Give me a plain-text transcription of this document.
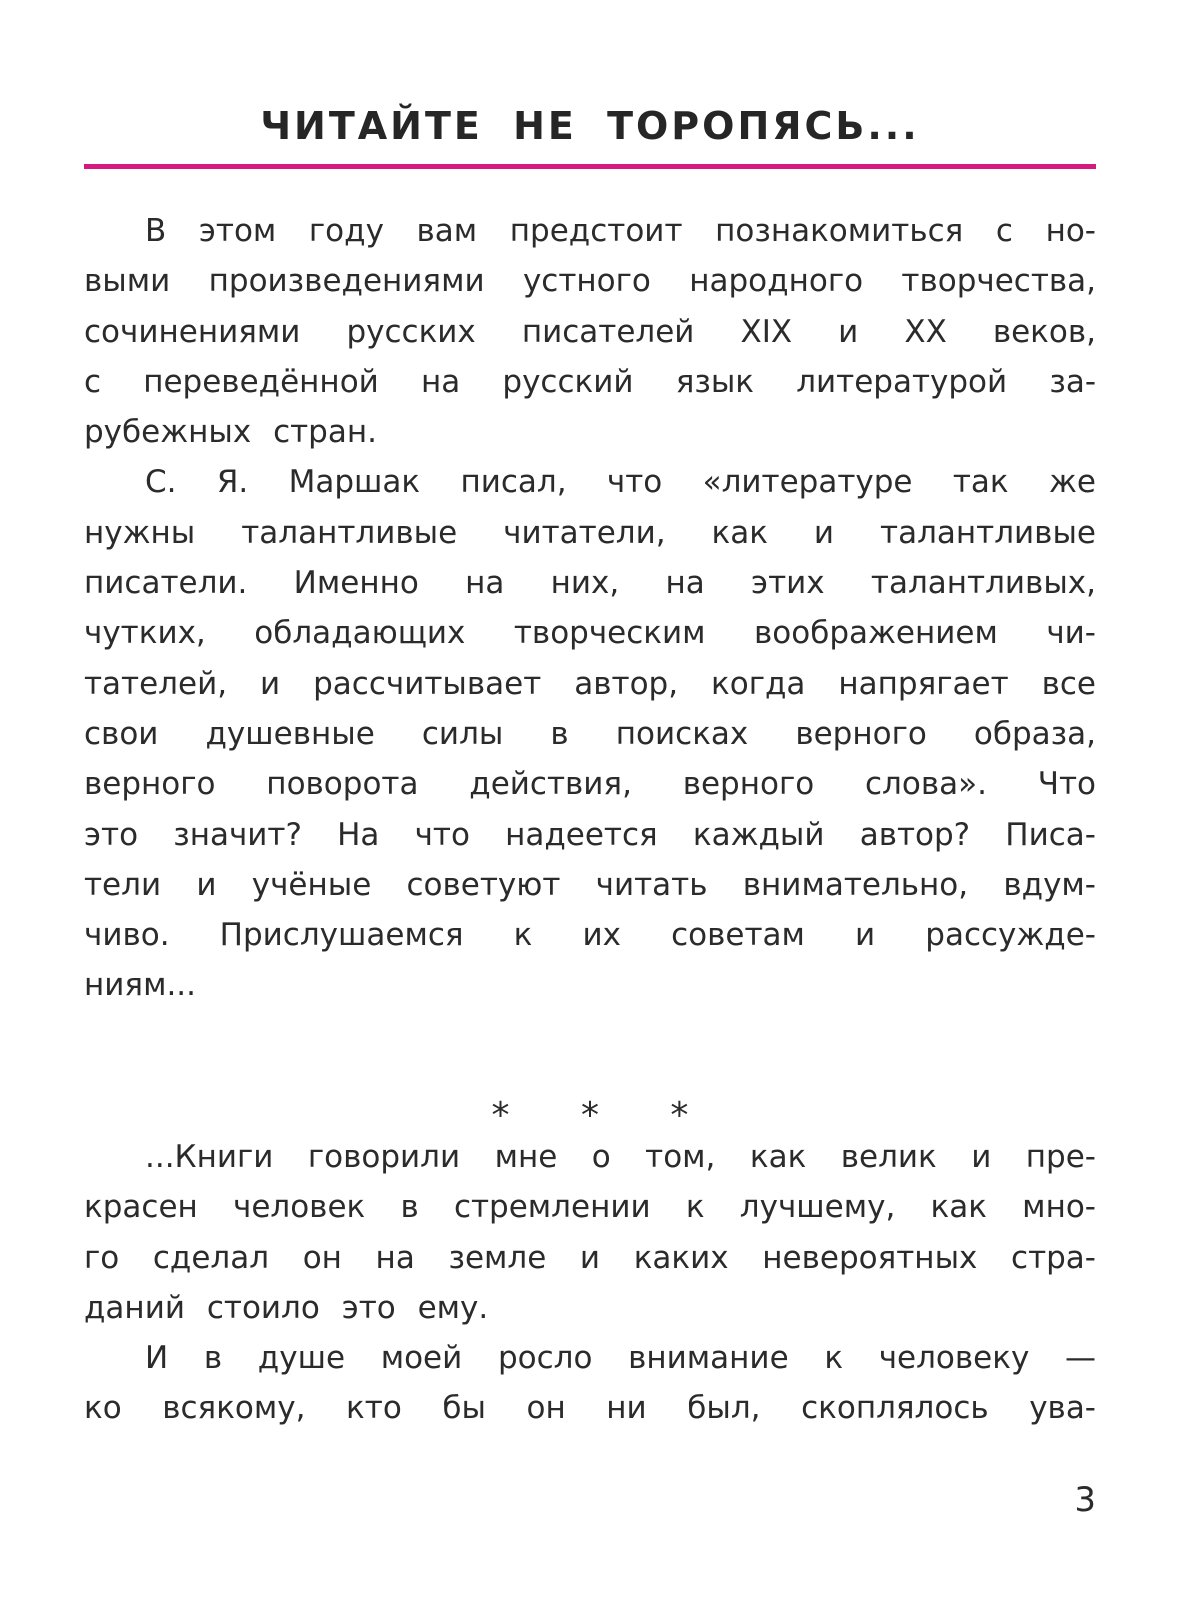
ЧИТАЙТЕ НЕ ТОРОПЯСЬ...
В этом году вам предстоит познакомиться с но-
выми произведениями устного народного творчества,
сочинениями русских писателей XIX и XX веков,
с переведённой на русский язык литературой за-
рубежных стран.
С. Я. Маршак писал, что «литературе так же
нужны талантливые читатели, как и талантливые
писатели. Именно на них, на этих талантливых,
чутких, обладающих творческим воображением чи-
тателей, и рассчитывает автор, когда напрягает все
свои душевные силы в поисках верного образа,
верного поворота действия, верного слова». Что
это значит? На что надеется каждый автор? Писа-
тели и учёные советуют читать внимательно, вдум-
чиво. Прислушаемся к их советам и рассужде-
ниям...
* * *
...Книги говорили мне о том, как велик и пре-
красен человек в стремлении к лучшему, как мно-
го сделал он на земле и каких невероятных стра-
даний стоило это ему.
И в душе моей росло внимание к человеку —
ко всякому, кто бы он ни был, скоплялось ува-
3
